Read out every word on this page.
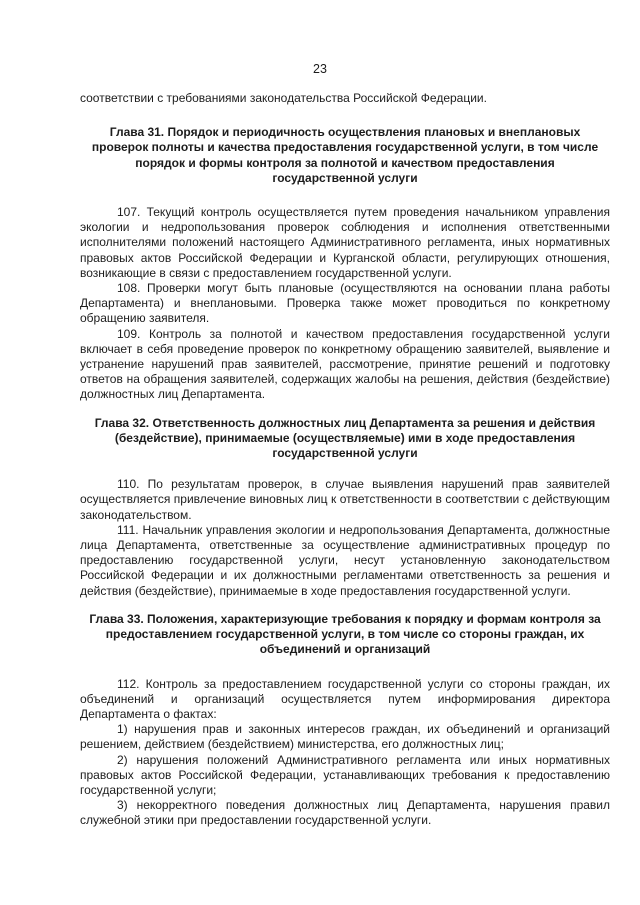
23

соответствии с требованиями законодательства Российской Федерации.

Глава 31. Порядок и периодичность осуществления плановых и внеплановых проверок полноты и качества предоставления государственной услуги, в том числе порядок и формы контроля за полнотой и качеством предоставления государственной услуги

107. Текущий контроль осуществляется путем проведения начальником управления экологии и недропользования проверок соблюдения и исполнения ответственными исполнителями положений настоящего Административного регламента, иных нормативных правовых актов Российской Федерации и Курганской области, регулирующих отношения, возникающие в связи с предоставлением государственной услуги.

108. Проверки могут быть плановые (осуществляются на основании плана работы Департамента) и внеплановыми. Проверка также может проводиться по конкретному обращению заявителя.

109. Контроль за полнотой и качеством предоставления государственной услуги включает в себя проведение проверок по конкретному обращению заявителей, выявление и устранение нарушений прав заявителей, рассмотрение, принятие решений и подготовку ответов на обращения заявителей, содержащих жалобы на решения, действия (бездействие) должностных лиц Департамента.

Глава 32. Ответственность должностных лиц Департамента за решения и действия (бездействие), принимаемые (осуществляемые) ими в ходе предоставления государственной услуги

110. По результатам проверок, в случае выявления нарушений прав заявителей осуществляется привлечение виновных лиц к ответственности в соответствии с действующим законодательством.

111. Начальник управления экологии и недропользования Департамента, должностные лица Департамента, ответственные за осуществление административных процедур по предоставлению государственной услуги, несут установленную законодательством Российской Федерации и их должностными регламентами ответственность за решения и действия (бездействие), принимаемые в ходе предоставления государственной услуги.

Глава 33. Положения, характеризующие требования к порядку и формам контроля за предоставлением государственной услуги, в том числе со стороны граждан, их объединений и организаций

112. Контроль за предоставлением государственной услуги со стороны граждан, их объединений и организаций осуществляется путем информирования директора Департамента о фактах:

1) нарушения прав и законных интересов граждан, их объединений и организаций решением, действием (бездействием) министерства, его должностных лиц;

2) нарушения положений Административного регламента или иных нормативных правовых актов Российской Федерации, устанавливающих требования к предоставлению государственной услуги;

3) некорректного поведения должностных лиц Департамента, нарушения правил служебной этики при предоставлении государственной услуги.
